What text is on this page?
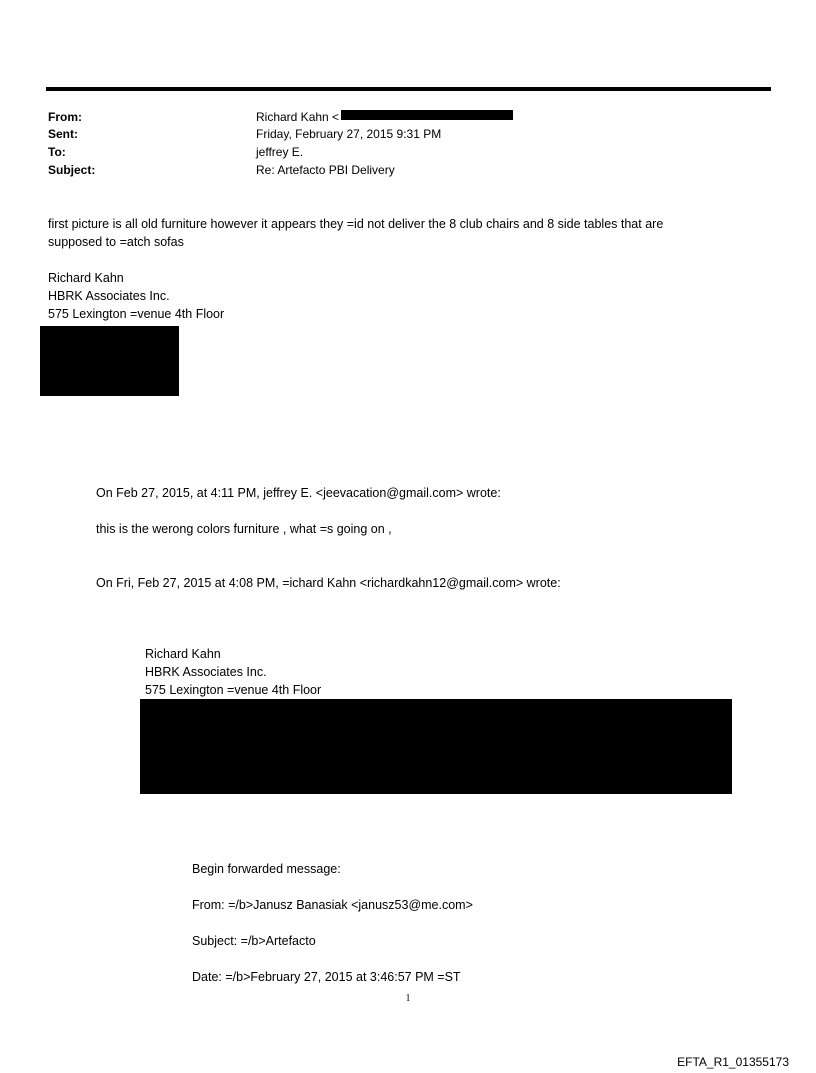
From:	Richard Kahn <
Sent:	Friday, February 27, 2015 9:31 PM
To:	jeffrey E.
Subject:	Re: Artefacto PBI Delivery
first picture is all old furniture however it appears they =id not deliver the 8 club chairs and 8 side tables that are
supposed to =atch sofas
Richard Kahn
HBRK Associates Inc.
575 Lexington =venue 4th Floor
On Feb 27, 2015, at 4:11 PM, jeffrey E. <jeevacation@gmail.com> wrote:
this is the werong colors furniture , what =s going on ,
On Fri, Feb 27, 2015 at 4:08 PM, =ichard Kahn <richardkahn12@gmail.com> wrote:
Richard Kahn
HBRK Associates Inc.
575 Lexington =venue 4th Floor
Begin forwarded message:
From: =/b>Janusz Banasiak <janusz53@me.com>
Subject: =/b>Artefacto
Date: =/b>February 27, 2015 at 3:46:57 PM =ST
1
EFTA_R1_01355173
